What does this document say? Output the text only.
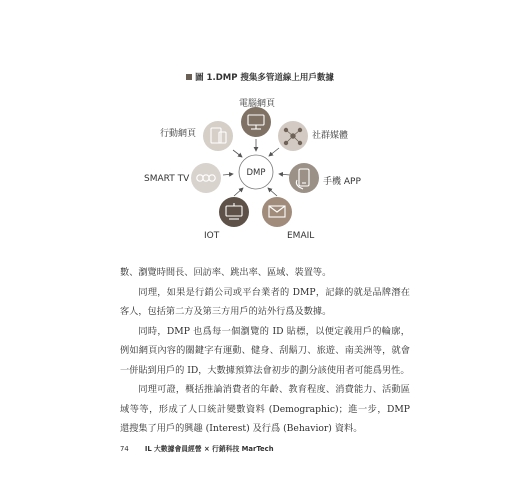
圖 1.DMP 搜集多管道線上用戶數據
DMP
電腦網頁
社群媒體
手機 APP
EMAIL
IOT
SMART TV
行動網頁

數、瀏覽時間長、回訪率、跳出率、區域、裝置等。

同理，如果是行銷公司或平台業者的 DMP，記錄的就是品牌潛在客人，包括第二方及第三方用戶的站外行爲及數據。

同時，DMP 也爲每一個瀏覽的 ID 貼標，以便定義用戶的輪廓，例如網頁內容的關鍵字有運動、健身、刮鬍刀、旅遊、南美洲等，就會一併貼到用戶的 ID，大數據預算法會初步的劃分該使用者可能爲男性。

同理可證，概括推論消費者的年齡、教育程度、消費能力、活動區域等等，形成了人口統計變數資料 (Demographic)；進一步，DMP 還搜集了用戶的興趣 (Interest) 及行爲 (Behavior) 資料。

74 IL 大數據會員經營 × 行銷科技 MarTech
